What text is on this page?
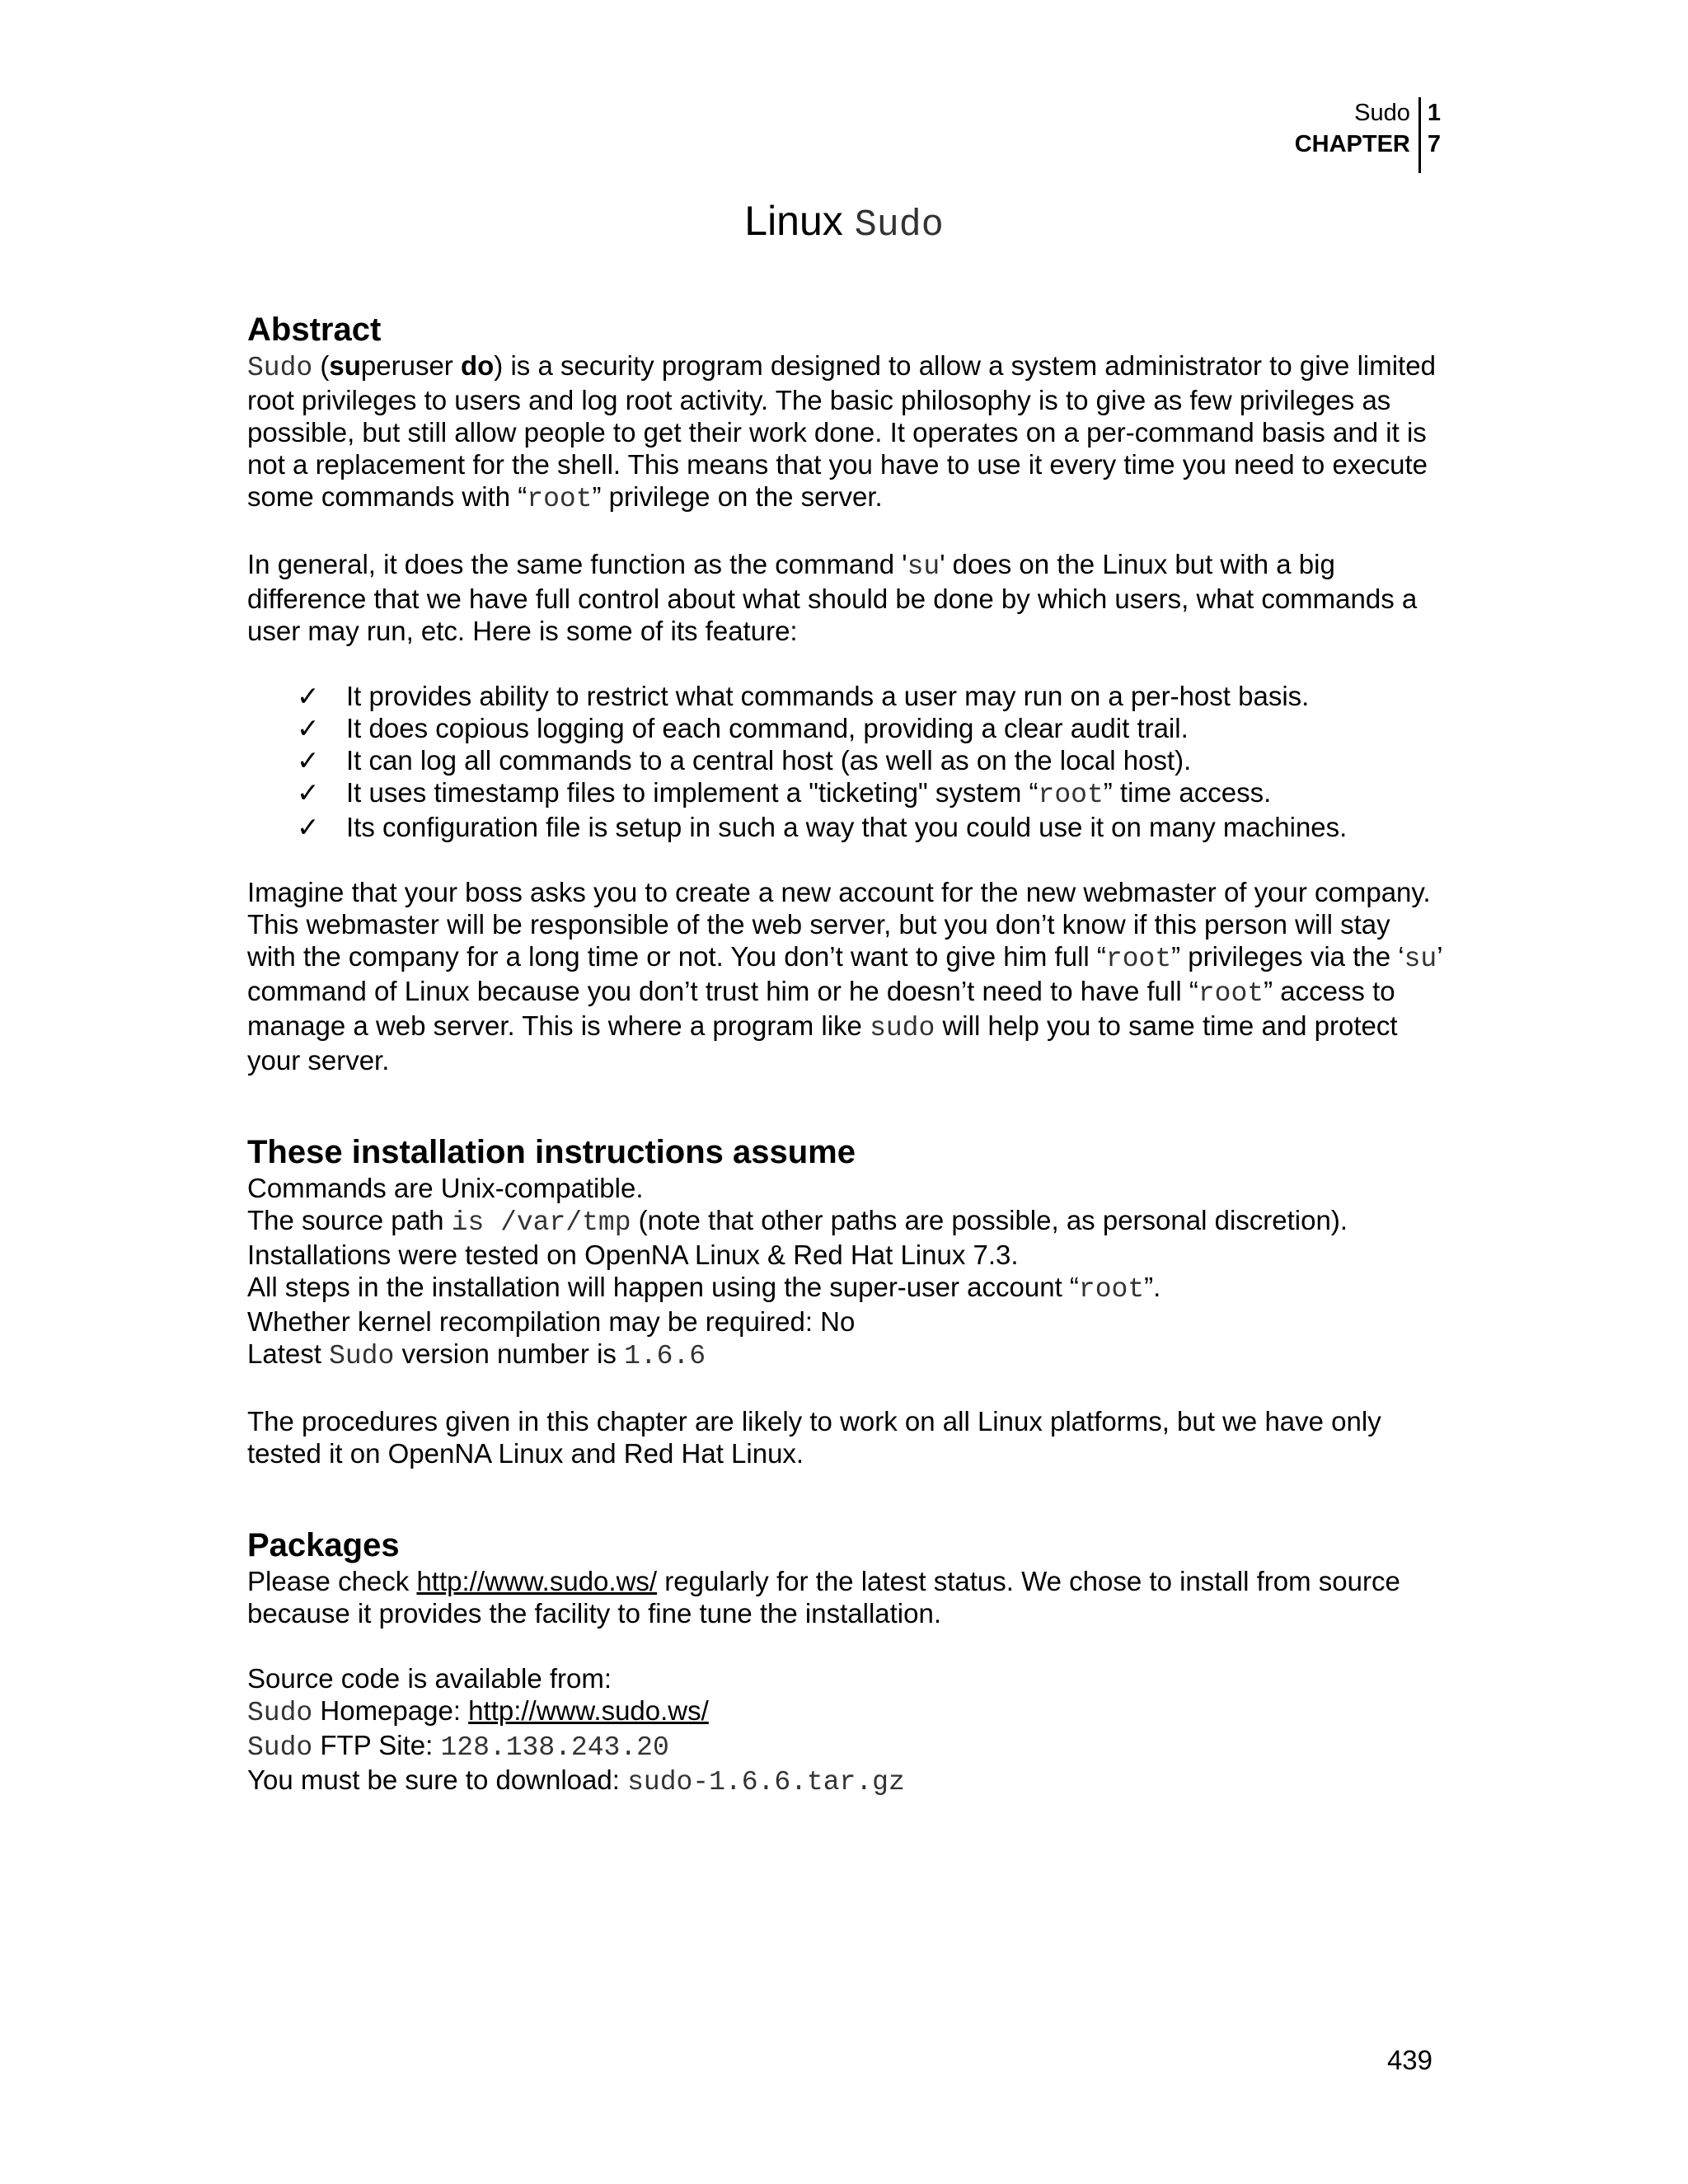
Sudo
CHAPTER
1
7
Linux Sudo
Abstract

Sudo (superuser do) is a security program designed to allow a system administrator to give limited root privileges to users and log root activity. The basic philosophy is to give as few privileges as possible, but still allow people to get their work done. It operates on a per-command basis and it is not a replacement for the shell. This means that you have to use it every time you need to execute some commands with “root” privilege on the server.

In general, it does the same function as the command 'su' does on the Linux but with a big difference that we have full control about what should be done by which users, what commands a user may run, etc. Here is some of its feature:

✓ It provides ability to restrict what commands a user may run on a per-host basis.
✓ It does copious logging of each command, providing a clear audit trail.
✓ It can log all commands to a central host (as well as on the local host).
✓ It uses timestamp files to implement a "ticketing" system “root” time access.
✓ Its configuration file is setup in such a way that you could use it on many machines.

Imagine that your boss asks you to create a new account for the new webmaster of your company. This webmaster will be responsible of the web server, but you don’t know if this person will stay with the company for a long time or not. You don’t want to give him full “root” privileges via the ‘su’ command of Linux because you don’t trust him or he doesn’t need to have full “root” access to manage a web server. This is where a program like sudo will help you to same time and protect your server.

These installation instructions assume

Commands are Unix-compatible.

The source path is /var/tmp (note that other paths are possible, as personal discretion).

Installations were tested on OpenNA Linux & Red Hat Linux 7.3.

All steps in the installation will happen using the super-user account “root”.

Whether kernel recompilation may be required: No

Latest Sudo version number is 1.6.6

The procedures given in this chapter are likely to work on all Linux platforms, but we have only tested it on OpenNA Linux and Red Hat Linux.

Packages

Please check http://www.sudo.ws/ regularly for the latest status. We chose to install from source because it provides the facility to fine tune the installation.

Source code is available from:

Sudo Homepage: http://www.sudo.ws/

Sudo FTP Site: 128.138.243.20

You must be sure to download: sudo-1.6.6.tar.gz

439
